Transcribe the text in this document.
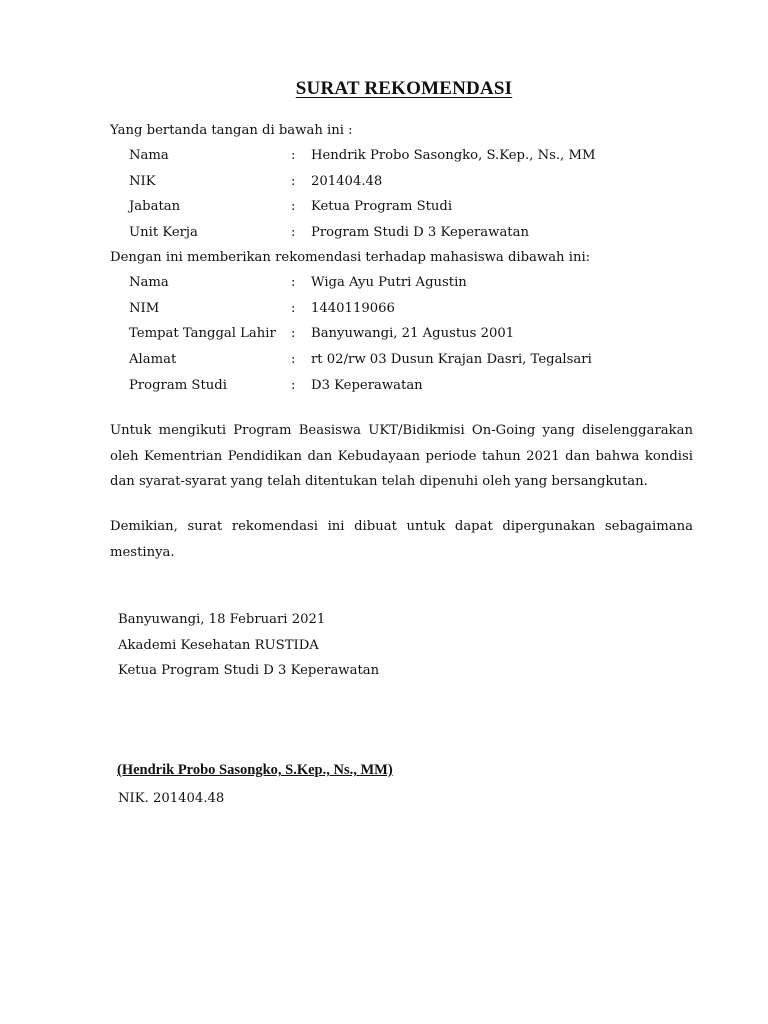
SURAT REKOMENDASI
Yang bertanda tangan di bawah ini :
Nama	: Hendrik Probo Sasongko, S.Kep., Ns., MM
NIK	: 201404.48
Jabatan	: Ketua Program Studi
Unit Kerja	: Program Studi D 3 Keperawatan
Dengan ini memberikan rekomendasi terhadap mahasiswa dibawah ini:
Nama	: Wiga Ayu Putri Agustin
NIM	: 1440119066
Tempat Tanggal Lahir : Banyuwangi, 21 Agustus 2001
Alamat	: rt 02/rw 03 Dusun Krajan Dasri, Tegalsari
Program Studi	: D3 Keperawatan
Untuk mengikuti Program Beasiswa UKT/Bidikmisi On-Going yang diselenggarakan oleh Kementrian Pendidikan dan Kebudayaan periode tahun 2021 dan bahwa kondisi dan syarat-syarat yang telah ditentukan telah dipenuhi oleh yang bersangkutan.
Demikian, surat rekomendasi ini dibuat untuk dapat dipergunakan sebagaimana mestinya.
Banyuwangi, 18 Februari 2021
Akademi Kesehatan RUSTIDA
Ketua Program Studi D 3 Keperawatan
(Hendrik Probo Sasongko, S.Kep., Ns., MM)
NIK. 201404.48
